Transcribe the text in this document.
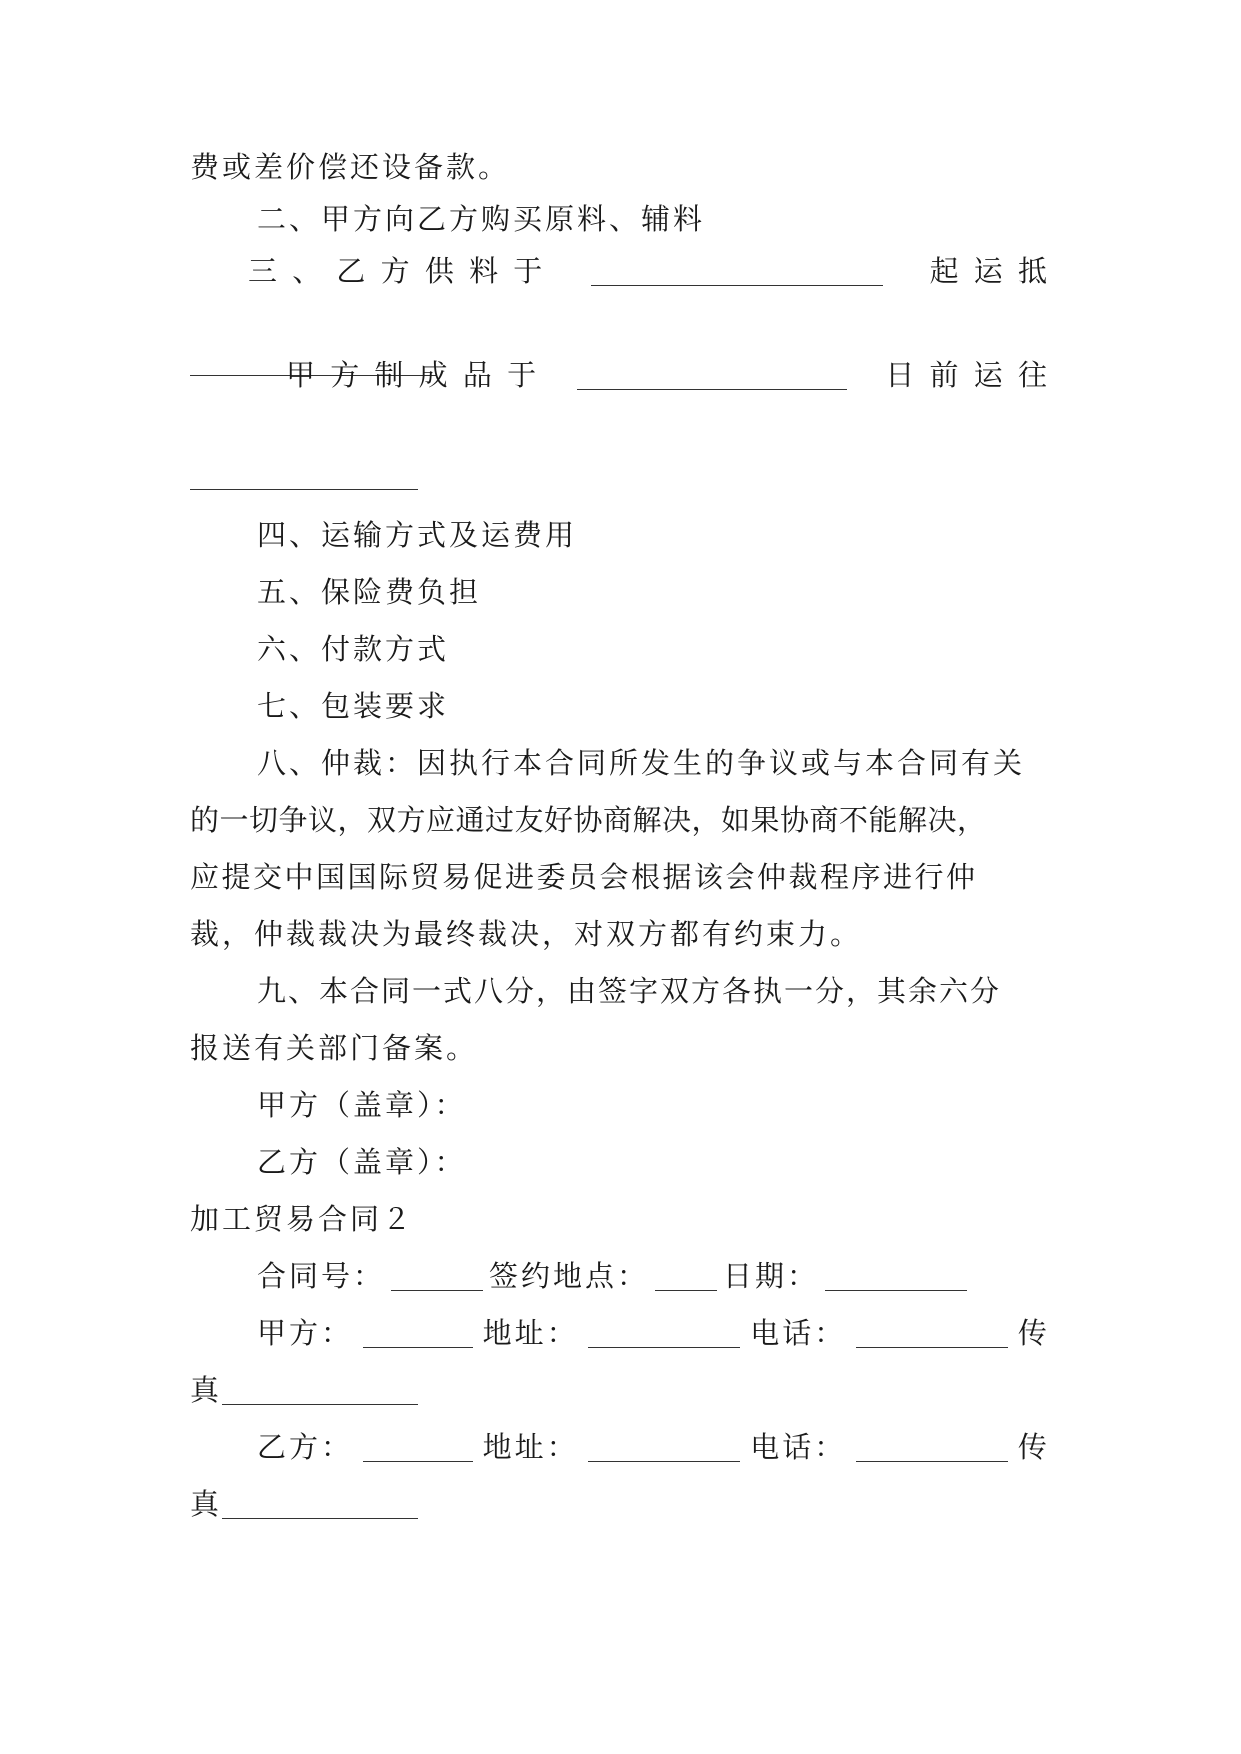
费或差价偿还设备款。
二、甲方向乙方购买原料、辅料
三 、 乙 方 供 料 于	起 运 抵
甲 方 制 成 品 于	日 前 运 往
四、运输方式及运费用
五、保险费负担
六、付款方式
七、包装要求
八、仲裁：因执行本合同所发生的争议或与本合同有关
的一切争议，双方应通过友好协商解决，如果协商不能解决，
应提交中国国际贸易促进委员会根据该会仲裁程序进行仲
裁，仲裁裁决为最终裁决，对双方都有约束力。
九、本合同一式八分，由签字双方各执一分，其余六分
报送有关部门备案。
甲方（盖章）：
乙方（盖章）：
加工贸易合同２
合同号：	签约地点：	日期：
甲方：	地址：	电话：	传
真
乙方：	地址：	电话：	传
真
